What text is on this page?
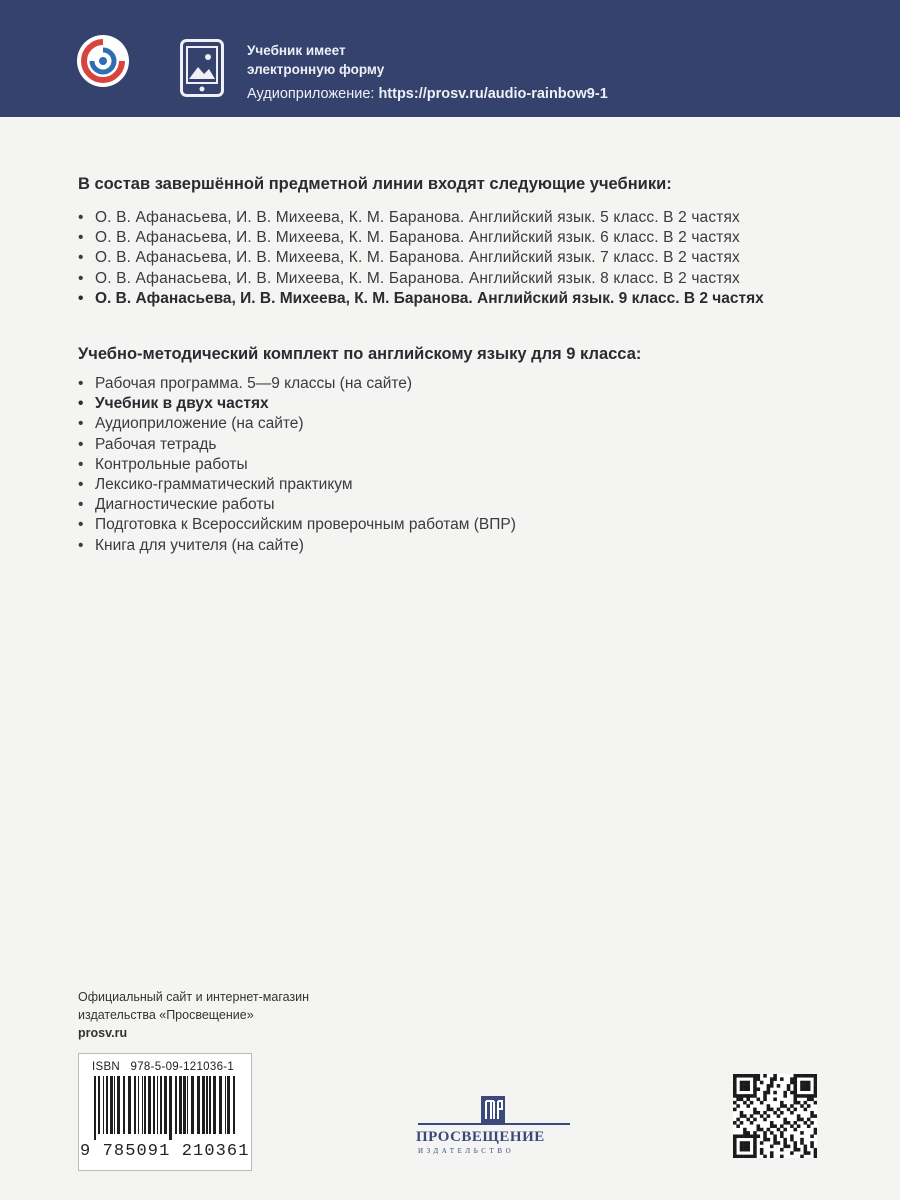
Учебник имеет
электронную форму
Аудиоприложение: https://prosv.ru/audio-rainbow9-1
В состав завершённой предметной линии входят следующие учебники:
• О. В. Афанасьева, И. В. Михеева, К. М. Баранова. Английский язык. 5 класс. В 2 частях
• О. В. Афанасьева, И. В. Михеева, К. М. Баранова. Английский язык. 6 класс. В 2 частях
• О. В. Афанасьева, И. В. Михеева, К. М. Баранова. Английский язык. 7 класс. В 2 частях
• О. В. Афанасьева, И. В. Михеева, К. М. Баранова. Английский язык. 8 класс. В 2 частях
• О. В. Афанасьева, И. В. Михеева, К. М. Баранова. Английский язык. 9 класс. В 2 частях
Учебно-методический комплект по английскому языку для 9 класса:
• Рабочая программа. 5—9 классы (на сайте)
• Учебник в двух частях
• Аудиоприложение (на сайте)
• Рабочая тетрадь
• Контрольные работы
• Лексико-грамматический практикум
• Диагностические работы
• Подготовка к Всероссийским проверочным работам (ВПР)
• Книга для учителя (на сайте)
Официальный сайт и интернет-магазин
издательства «Просвещение»
prosv.ru
ISBN   978-5-09-121036-1
9 785091 210361
ПРОСВЕЩЕНИЕ
ИЗДАТЕЛЬСТВО
